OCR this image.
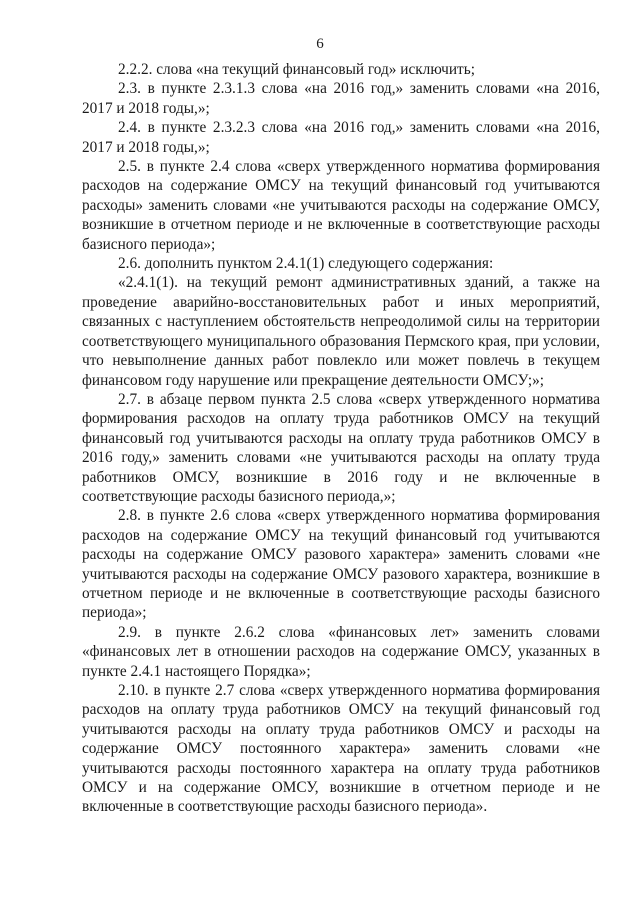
6

2.2.2. слова «на текущий финансовый год» исключить;

2.3. в пункте 2.3.1.3 слова «на 2016 год,» заменить словами «на 2016, 2017 и 2018 годы,»;

2.4. в пункте 2.3.2.3 слова «на 2016 год,» заменить словами «на 2016, 2017 и 2018 годы,»;

2.5. в пункте 2.4 слова «сверх утвержденного норматива формирования расходов на содержание ОМСУ на текущий финансовый год учитываются расходы» заменить словами «не учитываются расходы на содержание ОМСУ, возникшие в отчетном периоде и не включенные в соответствующие расходы базисного периода»;

2.6. дополнить пунктом 2.4.1(1) следующего содержания:

«2.4.1(1). на текущий ремонт административных зданий, а также на проведение аварийно-восстановительных работ и иных мероприятий, связанных с наступлением обстоятельств непреодолимой силы на территории соответствующего муниципального образования Пермского края, при условии, что невыполнение данных работ повлекло или может повлечь в текущем финансовом году нарушение или прекращение деятельности ОМСУ;»;

2.7. в абзаце первом пункта 2.5 слова «сверх утвержденного норматива формирования расходов на оплату труда работников ОМСУ на текущий финансовый год учитываются расходы на оплату труда работников ОМСУ в 2016 году,» заменить словами «не учитываются расходы на оплату труда работников ОМСУ, возникшие в 2016 году и не включенные в соответствующие расходы базисного периода,»;

2.8. в пункте 2.6 слова «сверх утвержденного норматива формирования расходов на содержание ОМСУ на текущий финансовый год учитываются расходы на содержание ОМСУ разового характера» заменить словами «не учитываются расходы на содержание ОМСУ разового характера, возникшие в отчетном периоде и не включенные в соответствующие расходы базисного периода»;

2.9. в пункте 2.6.2 слова «финансовых лет» заменить словами «финансовых лет в отношении расходов на содержание ОМСУ, указанных в пункте 2.4.1 настоящего Порядка»;

2.10. в пункте 2.7 слова «сверх утвержденного норматива формирования расходов на оплату труда работников ОМСУ на текущий финансовый год учитываются расходы на оплату труда работников ОМСУ и расходы на содержание ОМСУ постоянного характера» заменить словами «не учитываются расходы постоянного характера на оплату труда работников ОМСУ и на содержание ОМСУ, возникшие в отчетном периоде и не включенные в соответствующие расходы базисного периода».
